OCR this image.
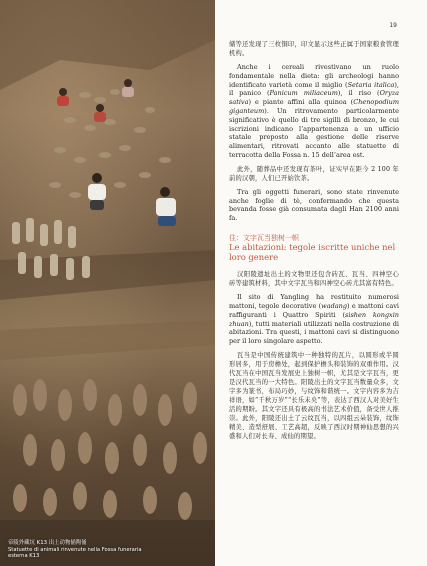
帝陵外藏坑 K13 出土动物俑陶俑
Statuette di animali rinvenute nella Fossa funeraria
esterna K13
19

储等还发现了三枚铜印，印文显示这些正属于国家粮食管理机构。

Anche i cereali rivestivano un ruolo fondamentale nella dieta: gli archeologi hanno identificato varietà come il miglio (Setaria italica), il panico (Panicum miliaceum), il riso (Oryza sativa) e piante affini alla quinoa (Chenopodium giganteum). Un ritrovamento particolarmente significativo è quello di tre sigilli di bronzo, le cui iscrizioni indicano l’appartenenza a un ufficio statale preposto alla gestione delle riserve alimentari, ritrovati accanto alle statuette di terracotta della Fossa n. 15 dell’area est.

此外，随葬品中还发现有茶叶，证实早在距今 2 100 年前的汉朝，人们已开始饮茶。

Tra gli oggetti funerari, sono state rinvenute anche foglie di tè, confermando che questa bevanda fosse già consumata dagli Han 2100 anni fa.

住：文字瓦当独树一帜
Le abitazioni: tegole iscritte uniche nel loro genere

汉阳陵遗址出土的文物里还包含砖瓦、瓦当、四神空心砖等建筑材料，其中文字瓦当和四神空心砖尤其富有特色。

Il sito di Yangling ha restituito numerosi mattoni, tegole decorative (wadang) e mattoni cavi raffiguranti i Quattro Spiriti (sishen kongxin zhuan), tutti materiali utilizzati nella costruzione di abitazioni. Tra questi, i mattoni cavi si distinguono per il loro singolare aspetto.

瓦当是中国传统建筑中一种独特的瓦片，以圆形或半圆形居多，用于房檐处，起到保护檐头和装饰的双重作用。汉代瓦当在中国瓦当发展史上独树一帜，尤其是文字瓦当，更是汉代瓦当的一大特色。阳陵出土的文字瓦当数量众多，文字多为篆书，布局巧妙，与纹饰和谐统一。文字内容多为吉祥语，如“千秋万岁”“长乐未央”等，表达了西汉人对美好生活的期盼。其文字还具有极高的书法艺术价值，备受世人推崇。此外，阳陵还出土了云纹瓦当，以四组云朵装饰，纹饰精美、造型舒展、工艺高超，反映了西汉时期神仙思想的兴盛和人们对长寿、成仙的期望。
